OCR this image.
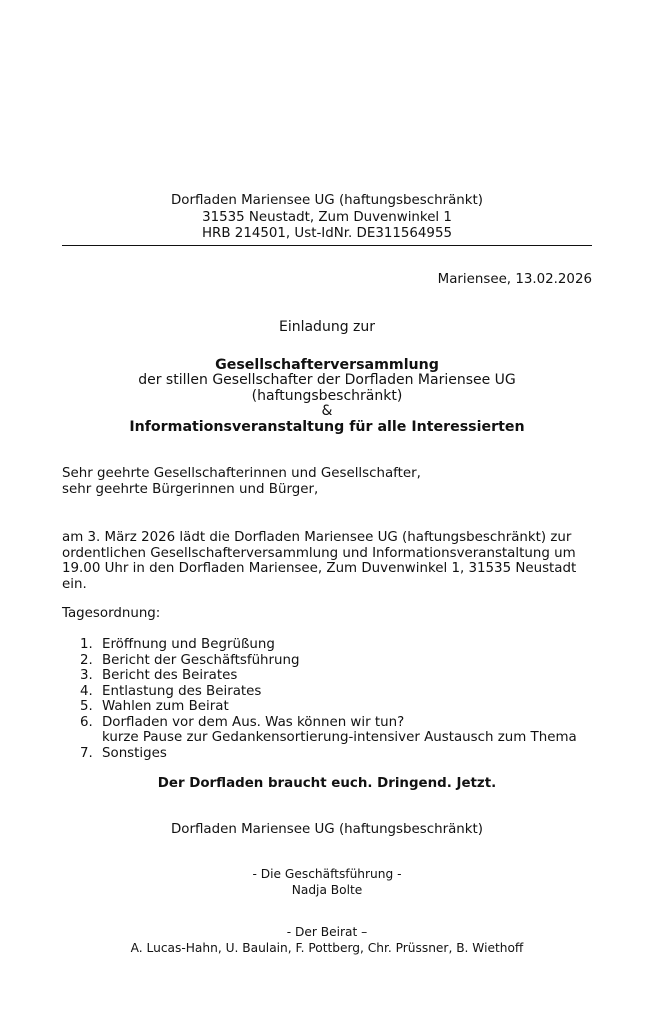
Dorfladen Mariensee UG (haftungsbeschränkt)
31535 Neustadt, Zum Duvenwinkel 1
HRB 214501, Ust-IdNr. DE311564955
Mariensee, 13.02.2026
Einladung zur
Gesellschafterversammlung
der stillen Gesellschafter der Dorfladen Mariensee UG
(haftungsbeschränkt)
&
Informationsveranstaltung für alle Interessierten
Sehr geehrte Gesellschafterinnen und Gesellschafter,
sehr geehrte Bürgerinnen und Bürger,
am 3. März 2026 lädt die Dorfladen Mariensee UG (haftungsbeschränkt) zur
ordentlichen Gesellschafterversammlung und Informationsveranstaltung um
19.00 Uhr in den Dorfladen Mariensee, Zum Duvenwinkel 1, 31535 Neustadt
ein.
Tagesordnung:
1. Eröffnung und Begrüßung
2. Bericht der Geschäftsführung
3. Bericht des Beirates
4. Entlastung des Beirates
5. Wahlen zum Beirat
6. Dorfladen vor dem Aus. Was können wir tun?
kurze Pause zur Gedankensortierung-intensiver Austausch zum Thema
7. Sonstiges
Der Dorfladen braucht euch. Dringend. Jetzt.
Dorfladen Mariensee UG (haftungsbeschränkt)
- Die Geschäftsführung -
Nadja Bolte
- Der Beirat –
A. Lucas-Hahn, U. Baulain, F. Pottberg, Chr. Prüssner, B. Wiethoff
